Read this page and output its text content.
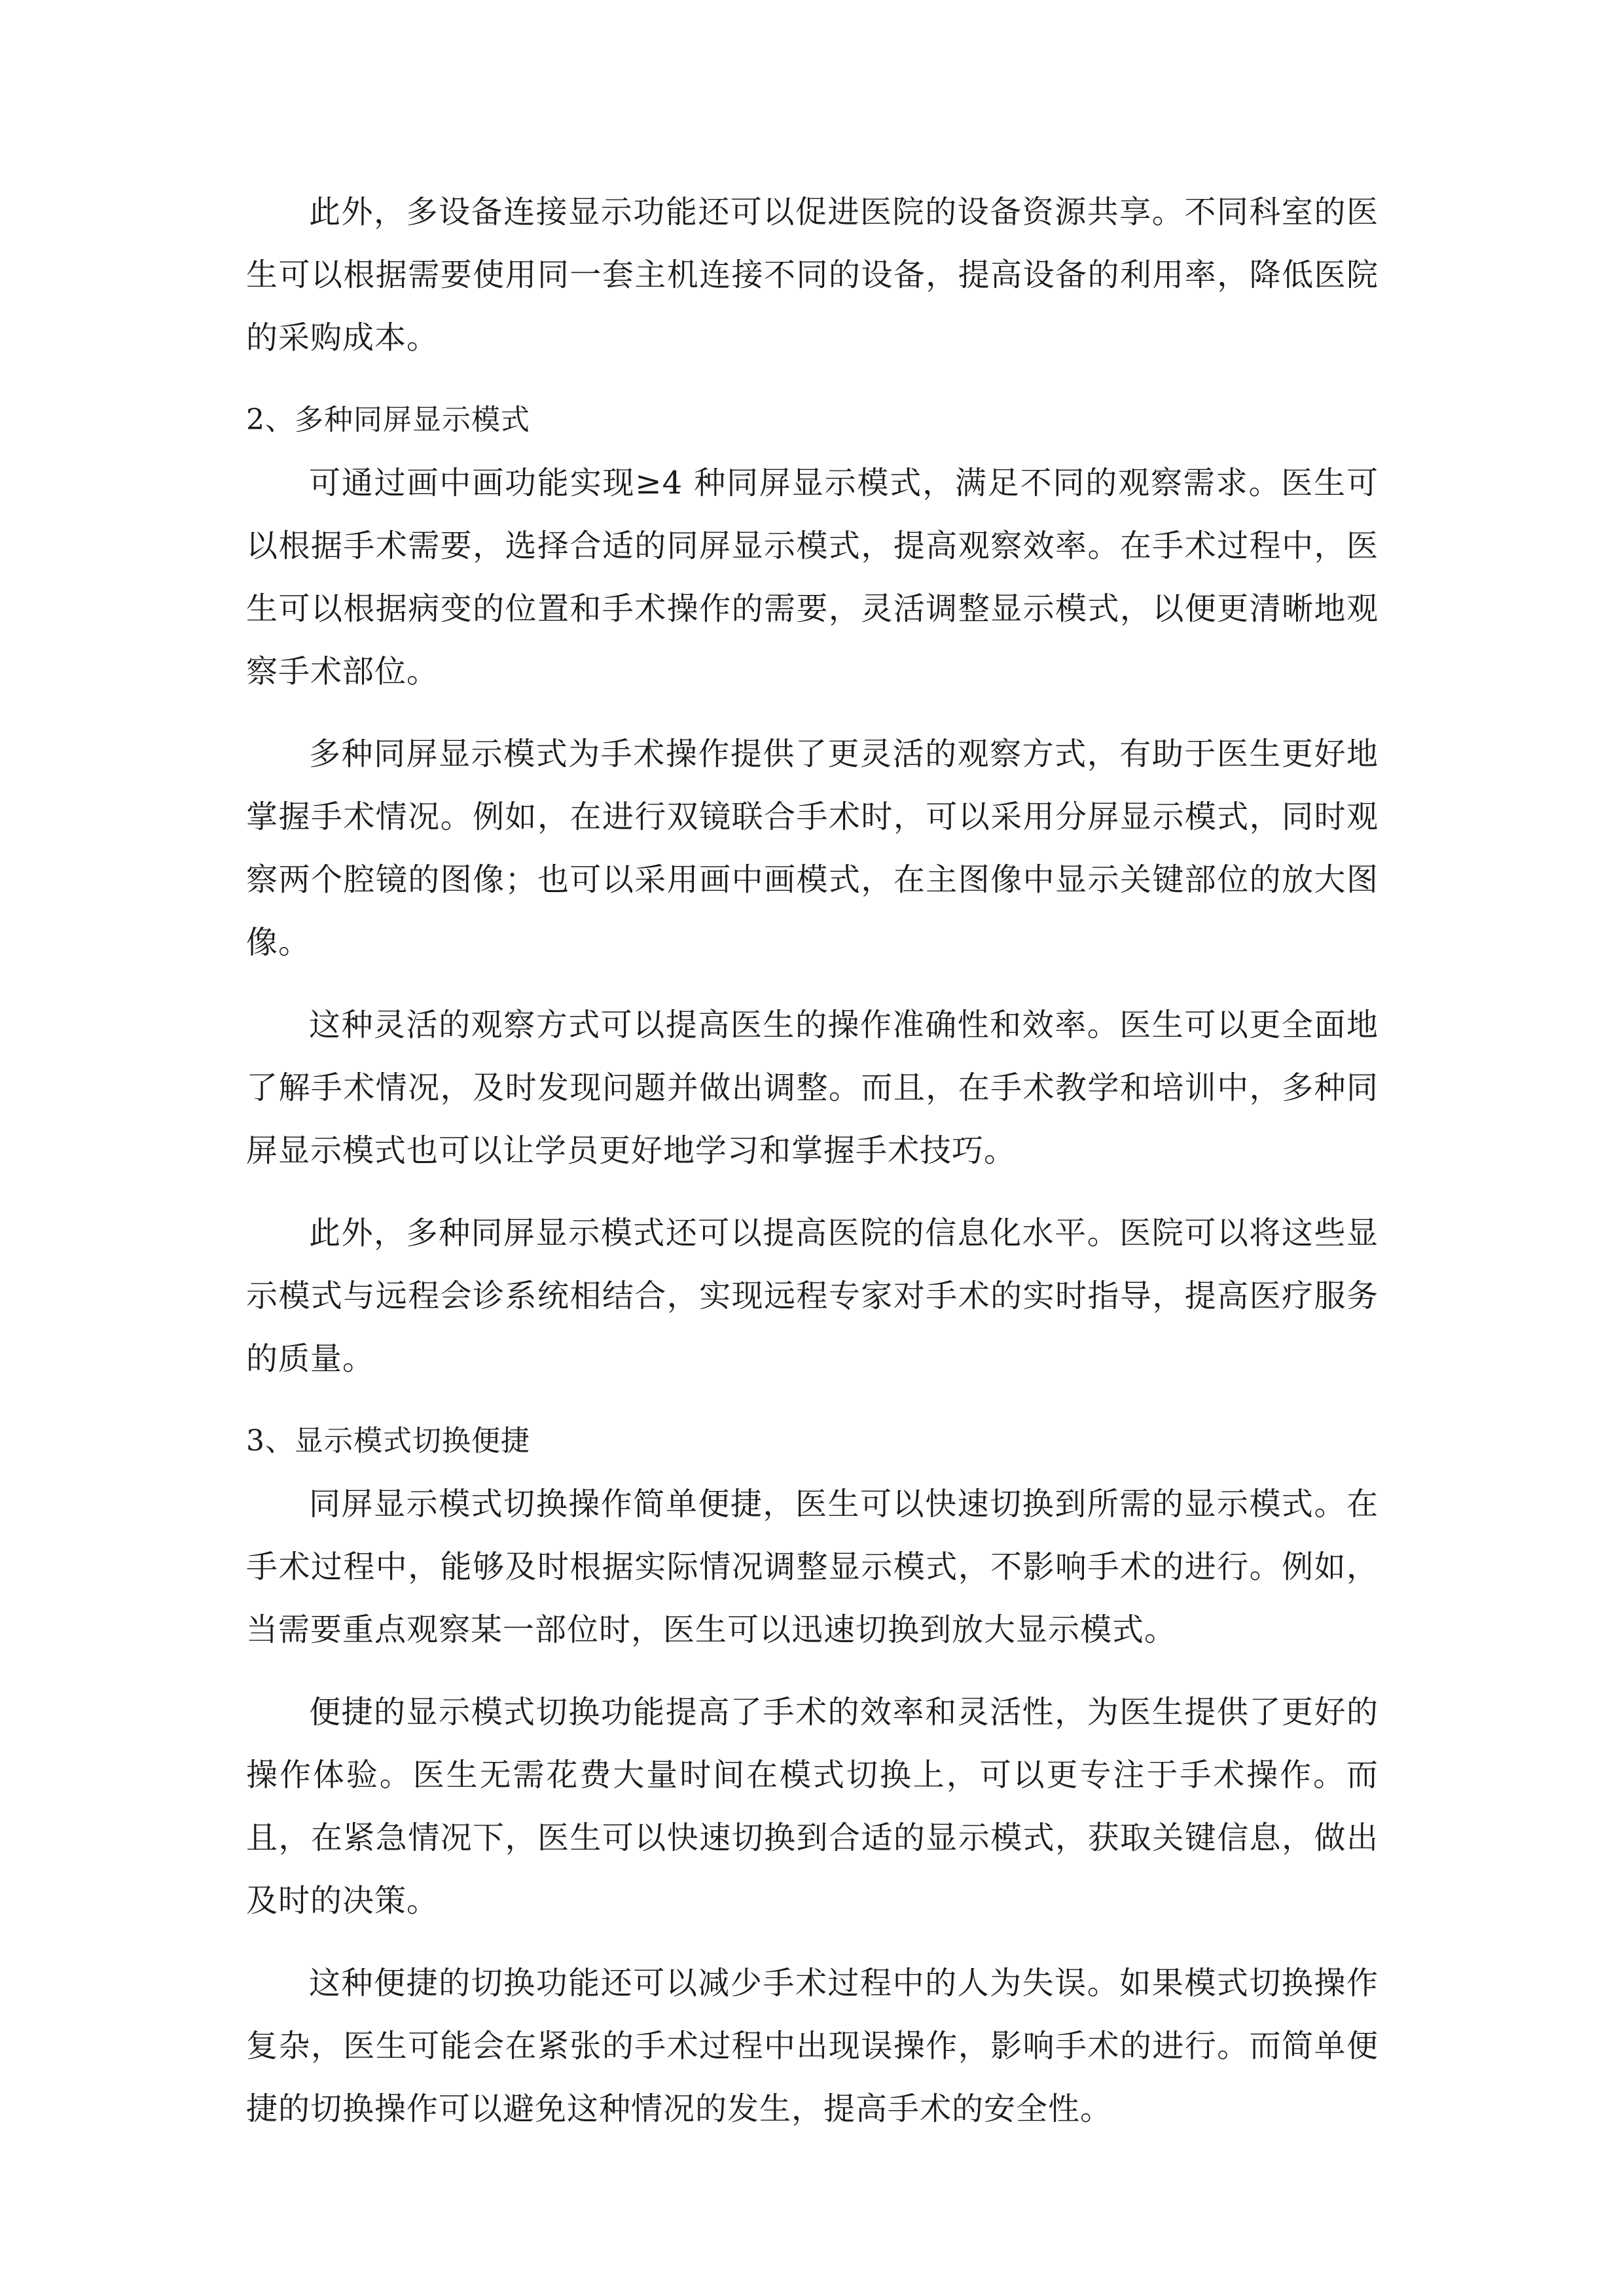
此外，多设备连接显示功能还可以促进医院的设备资源共享。不同科室的医生可以根据需要使用同一套主机连接不同的设备，提高设备的利用率，降低医院的采购成本。

2、多种同屏显示模式

可通过画中画功能实现≥4 种同屏显示模式，满足不同的观察需求。医生可以根据手术需要，选择合适的同屏显示模式，提高观察效率。在手术过程中，医生可以根据病变的位置和手术操作的需要，灵活调整显示模式，以便更清晰地观察手术部位。

多种同屏显示模式为手术操作提供了更灵活的观察方式，有助于医生更好地掌握手术情况。例如，在进行双镜联合手术时，可以采用分屏显示模式，同时观察两个腔镜的图像；也可以采用画中画模式，在主图像中显示关键部位的放大图像。

这种灵活的观察方式可以提高医生的操作准确性和效率。医生可以更全面地了解手术情况，及时发现问题并做出调整。而且，在手术教学和培训中，多种同屏显示模式也可以让学员更好地学习和掌握手术技巧。

此外，多种同屏显示模式还可以提高医院的信息化水平。医院可以将这些显示模式与远程会诊系统相结合，实现远程专家对手术的实时指导，提高医疗服务的质量。

3、显示模式切换便捷

同屏显示模式切换操作简单便捷，医生可以快速切换到所需的显示模式。在手术过程中，能够及时根据实际情况调整显示模式，不影响手术的进行。例如，当需要重点观察某一部位时，医生可以迅速切换到放大显示模式。

便捷的显示模式切换功能提高了手术的效率和灵活性，为医生提供了更好的操作体验。医生无需花费大量时间在模式切换上，可以更专注于手术操作。而且，在紧急情况下，医生可以快速切换到合适的显示模式，获取关键信息，做出及时的决策。

这种便捷的切换功能还可以减少手术过程中的人为失误。如果模式切换操作复杂，医生可能会在紧张的手术过程中出现误操作，影响手术的进行。而简单便捷的切换操作可以避免这种情况的发生，提高手术的安全性。
